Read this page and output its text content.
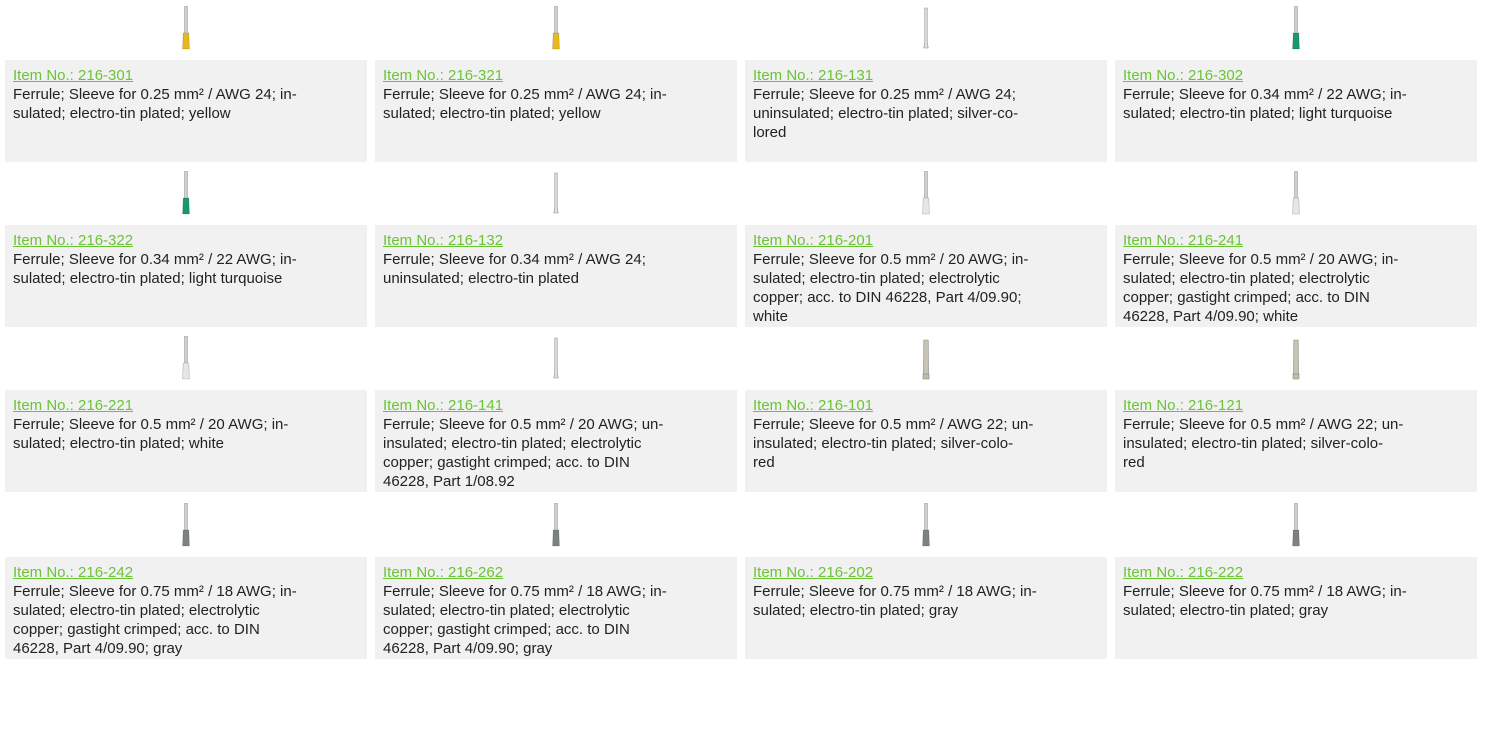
Item No.: 216-301

Ferrule; Sleeve for 0.25 mm² / AWG 24; in-
sulated; electro-tin plated; yellow

Item No.: 216-321

Ferrule; Sleeve for 0.25 mm² / AWG 24; in-
sulated; electro-tin plated; yellow

Item No.: 216-131

Ferrule; Sleeve for 0.25 mm² / AWG 24;
uninsulated; electro-tin plated; silver-co-
lored

Item No.: 216-302

Ferrule; Sleeve for 0.34 mm² / 22 AWG; in-
sulated; electro-tin plated; light turquoise

Item No.: 216-322

Ferrule; Sleeve for 0.34 mm² / 22 AWG; in-
sulated; electro-tin plated; light turquoise

Item No.: 216-132

Ferrule; Sleeve for 0.34 mm² / AWG 24;
uninsulated; electro-tin plated

Item No.: 216-201

Ferrule; Sleeve for 0.5 mm² / 20 AWG; in-
sulated; electro-tin plated; electrolytic
copper; acc. to DIN 46228, Part 4/09.90;
white

Item No.: 216-241

Ferrule; Sleeve for 0.5 mm² / 20 AWG; in-
sulated; electro-tin plated; electrolytic
copper; gastight crimped; acc. to DIN
46228, Part 4/09.90; white

Item No.: 216-221

Ferrule; Sleeve for 0.5 mm² / 20 AWG; in-
sulated; electro-tin plated; white

Item No.: 216-141

Ferrule; Sleeve for 0.5 mm² / 20 AWG; un-
insulated; electro-tin plated; electrolytic
copper; gastight crimped; acc. to DIN
46228, Part 1/08.92

Item No.: 216-101

Ferrule; Sleeve for 0.5 mm² / AWG 22; un-
insulated; electro-tin plated; silver-colo-
red

Item No.: 216-121

Ferrule; Sleeve for 0.5 mm² / AWG 22; un-
insulated; electro-tin plated; silver-colo-
red

Item No.: 216-242

Ferrule; Sleeve for 0.75 mm² / 18 AWG; in-
sulated; electro-tin plated; electrolytic
copper; gastight crimped; acc. to DIN
46228, Part 4/09.90; gray

Item No.: 216-262

Ferrule; Sleeve for 0.75 mm² / 18 AWG; in-
sulated; electro-tin plated; electrolytic
copper; gastight crimped; acc. to DIN
46228, Part 4/09.90; gray

Item No.: 216-202

Ferrule; Sleeve for 0.75 mm² / 18 AWG; in-
sulated; electro-tin plated; gray

Item No.: 216-222

Ferrule; Sleeve for 0.75 mm² / 18 AWG; in-
sulated; electro-tin plated; gray
